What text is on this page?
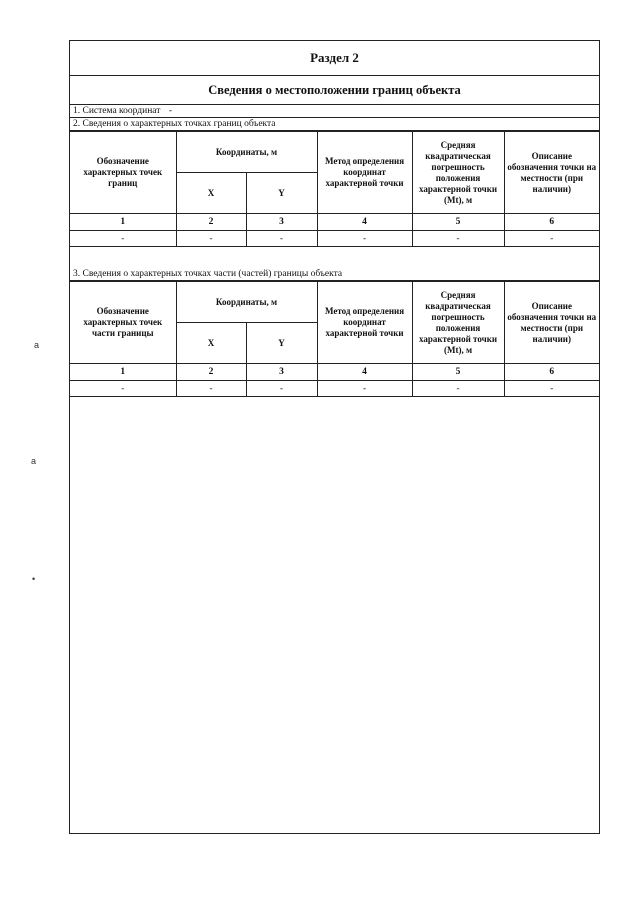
Раздел 2
Сведения о местоположении границ объекта
1. Система координат -
2. Сведения о характерных точках границ объекта
Обозначение характерных точек границ	Координаты, м		Метод определения координат характерной точки	Средняя квадратическая погрешность положения характерной точки (Mt), м	Описание обозначения точки на местности (при наличии)
	X	Y			
1	2	3	4	5	6
-	-	-	-	-	-
3. Сведения о характерных точках части (частей) границы объекта
Обозначение характерных точек части границы	Координаты, м		Метод определения координат характерной точки	Средняя квадратическая погрешность положения характерной точки (Mt), м	Описание обозначения точки на местности (при наличии)
	X	Y			
1	2	3	4	5	6
-	-	-	-	-	-
a
a
•
